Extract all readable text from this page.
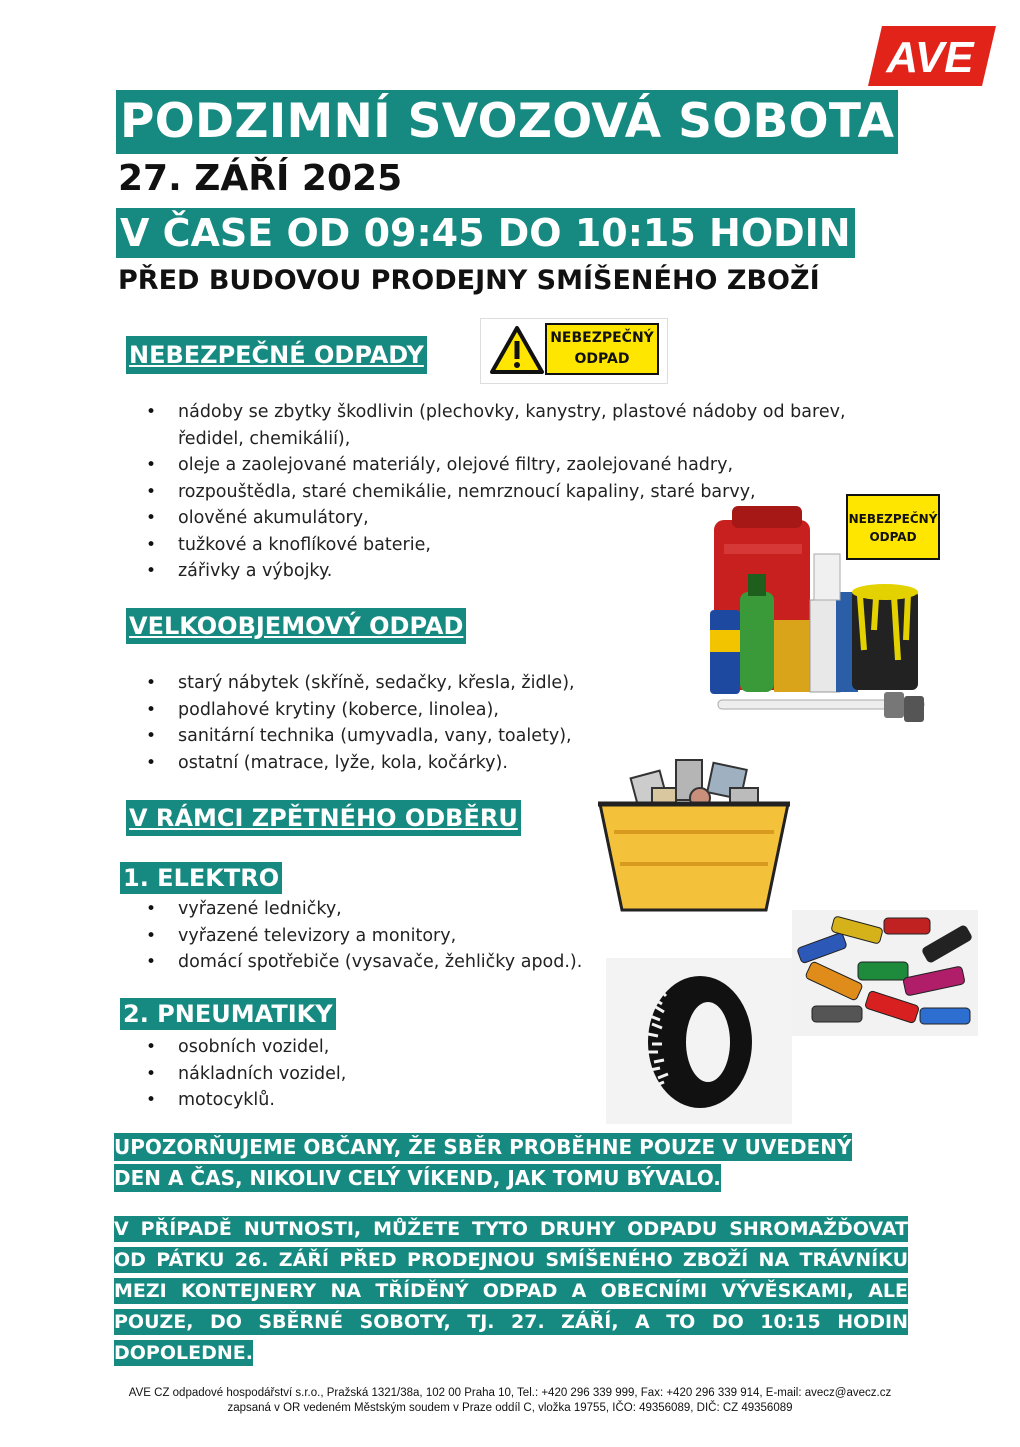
AVE
PODZIMNÍ SVOZOVÁ SOBOTA
27. ZÁŘÍ 2025
V ČASE OD 09:45 DO 10:15 HODIN
PŘED BUDOVOU PRODEJNY SMÍŠENÉHO ZBOŽÍ
NEBEZPEČNÉ ODPADY
NEBEZPEČNÝ
ODPAD
• nádoby se zbytky škodlivin (plechovky, kanystry, plastové nádoby od barev, ředidel, chemikálií),
• oleje a zaolejované materiály, olejové filtry, zaolejované hadry,
• rozpouštědla, staré chemikálie, nemrznoucí kapaliny, staré barvy,
• olověné akumulátory,
• tužkové a knoflíkové baterie,
• zářivky a výbojky.
NEBEZPEČNÝ
ODPAD
VELKOOBJEMOVÝ ODPAD
• starý nábytek (skříně, sedačky, křesla, židle),
• podlahové krytiny (koberce, linolea),
• sanitární technika (umyvadla, vany, toalety),
• ostatní (matrace, lyže, kola, kočárky).
V RÁMCI ZPĚTNÉHO ODBĚRU
1. ELEKTRO
• vyřazené ledničky,
• vyřazené televizory a monitory,
• domácí spotřebiče (vysavače, žehličky apod.).
2. PNEUMATIKY
• osobních vozidel,
• nákladních vozidel,
• motocyklů.
UPOZORŇUJEME OBČANY, ŽE SBĚR PROBĚHNE POUZE V UVEDENÝ DEN A ČAS, NIKOLIV CELÝ VÍKEND, JAK TOMU BÝVALO.
V PŘÍPADĚ NUTNOSTI, MŮŽETE TYTO DRUHY ODPADU SHROMAŽĎOVAT OD PÁTKU 26. ZÁŘÍ PŘED PRODEJNOU SMÍŠENÉHO ZBOŽÍ NA TRÁVNÍKU MEZI KONTEJNERY NA TŘÍDĚNÝ ODPAD A OBECNÍMI VÝVĚSKAMI, ALE POUZE, DO SBĚRNÉ SOBOTY, TJ. 27. ZÁŘÍ, A TO DO 10:15 HODIN DOPOLEDNE.
AVE CZ odpadové hospodářství s.r.o., Pražská 1321/38a, 102 00 Praha 10, Tel.: +420 296 339 999, Fax: +420 296 339 914, E-mail: avecz@avecz.cz
zapsaná v OR vedeném Městským soudem v Praze oddíl C, vložka 19755, IČO: 49356089, DIČ: CZ 49356089
